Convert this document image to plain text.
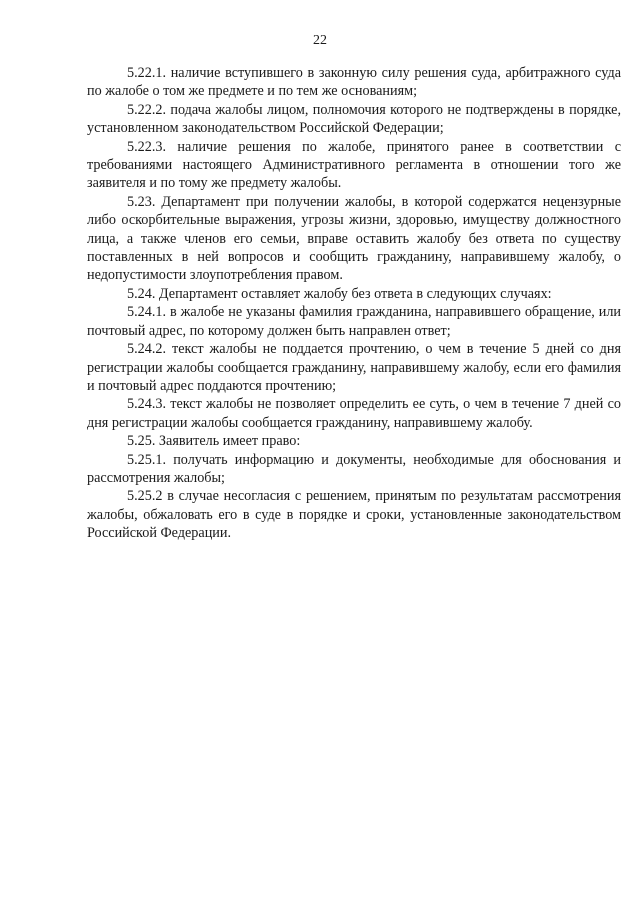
22

5.22.1. наличие вступившего в законную силу решения суда, арбитражного суда по жалобе о том же предмете и по тем же основаниям;

5.22.2. подача жалобы лицом, полномочия которого не подтверждены в порядке, установленном законодательством Российской Федерации;

5.22.3. наличие решения по жалобе, принятого ранее в соответствии с требованиями настоящего Административного регламента в отношении того же заявителя и по тому же предмету жалобы.

5.23. Департамент при получении жалобы, в которой содержатся нецензурные либо оскорбительные выражения, угрозы жизни, здоровью, имуществу должностного лица, а также членов его семьи, вправе оставить жалобу без ответа по существу поставленных в ней вопросов и сообщить гражданину, направившему жалобу, о недопустимости злоупотребления правом.

5.24. Департамент оставляет жалобу без ответа в следующих случаях:

5.24.1. в жалобе не указаны фамилия гражданина, направившего обращение, или почтовый адрес, по которому должен быть направлен ответ;

5.24.2. текст жалобы не поддается прочтению, о чем в течение 5 дней со дня регистрации жалобы сообщается гражданину, направившему жалобу, если его фамилия и почтовый адрес поддаются прочтению;

5.24.3. текст жалобы не позволяет определить ее суть, о чем в течение 7 дней со дня регистрации жалобы сообщается гражданину, направившему жалобу.

5.25. Заявитель имеет право:

5.25.1. получать информацию и документы, необходимые для обоснования и рассмотрения жалобы;

5.25.2 в случае несогласия с решением, принятым по результатам рассмотрения жалобы, обжаловать его в суде в порядке и сроки, установленные законодательством Российской Федерации.
